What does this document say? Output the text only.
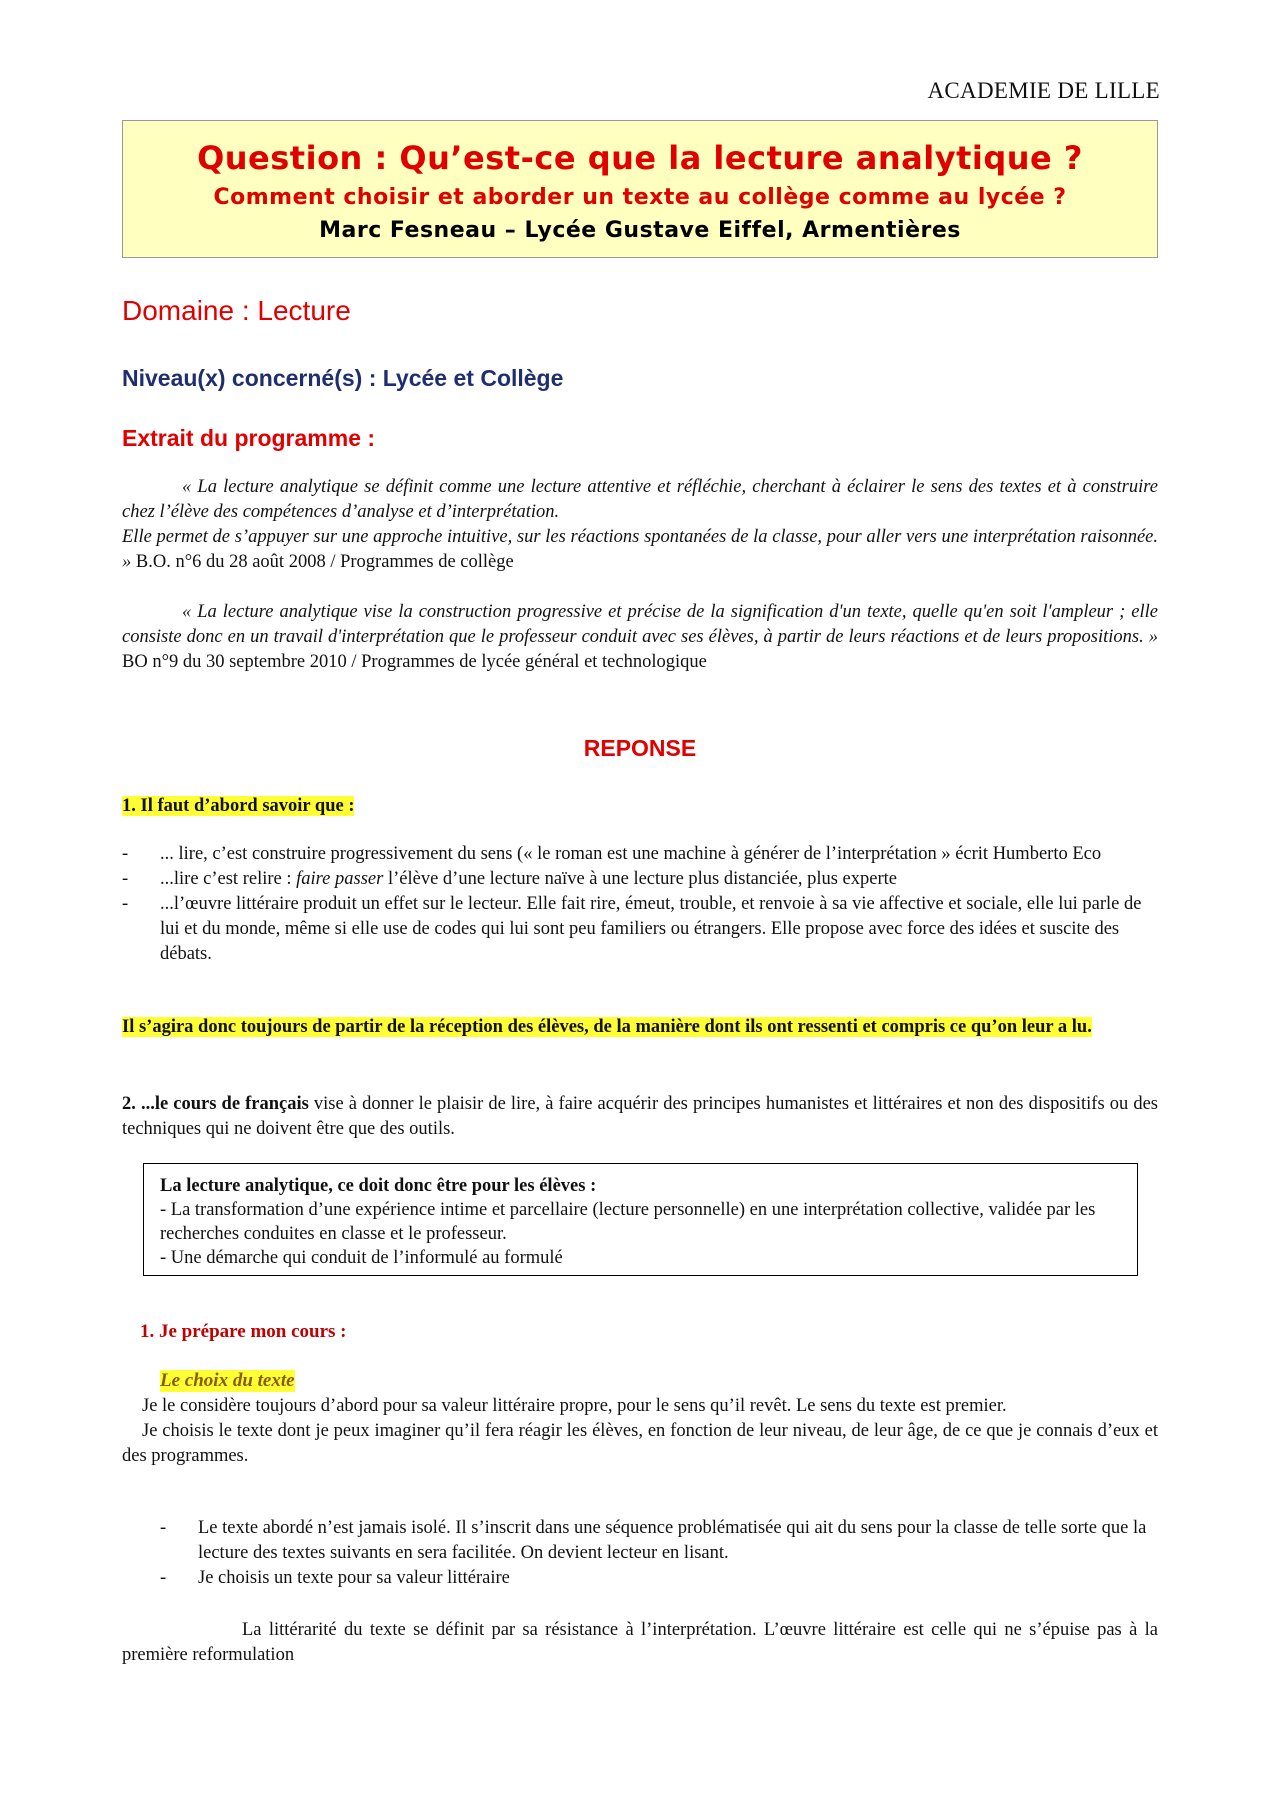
ACADEMIE DE LILLE
Question : Qu’est-ce que la lecture analytique ?
Comment choisir et aborder un texte au collège comme au lycée ?
Marc Fesneau – Lycée Gustave Eiffel, Armentières
Domaine : Lecture
Niveau(x) concerné(s) : Lycée et Collège
Extrait du programme :
« La lecture analytique se définit comme une lecture attentive et réfléchie, cherchant à éclairer le sens des textes et à construire chez l’élève des compétences d’analyse et d’interprétation.
Elle permet de s’appuyer sur une approche intuitive, sur les réactions spontanées de la classe, pour aller vers une interprétation raisonnée. » B.O. n°6 du 28 août 2008 / Programmes de collège
« La lecture analytique vise la construction progressive et précise de la signification d'un texte, quelle qu'en soit l'ampleur ; elle consiste donc en un travail d'interprétation que le professeur conduit avec ses élèves, à partir de leurs réactions et de leurs propositions. » BO n°9 du 30 septembre 2010 / Programmes de lycée général et technologique
REPONSE
1. Il faut d’abord savoir que :
- ... lire, c’est construire progressivement du sens (« le roman est une machine à générer de l’interprétation » écrit Humberto Eco
- ...lire c’est relire : faire passer l’élève d’une lecture naïve à une lecture plus distanciée, plus experte
- ...l’œuvre littéraire produit un effet sur le lecteur. Elle fait rire, émeut, trouble, et renvoie à sa vie affective et sociale, elle lui parle de lui et du monde, même si elle use de codes qui lui sont peu familiers ou étrangers. Elle propose avec force des idées et suscite des débats.
Il s’agira donc toujours de partir de la réception des élèves, de la manière dont ils ont ressenti et compris ce qu’on leur a lu.
2. ...le cours de français vise à donner le plaisir de lire, à faire acquérir des principes humanistes et littéraires et non des dispositifs ou des techniques qui ne doivent être que des outils.
La lecture analytique, ce doit donc être pour les élèves :
- La transformation d’une expérience intime et parcellaire (lecture personnelle) en une interprétation collective, validée par les recherches conduites en classe et le professeur.
- Une démarche qui conduit de l’informulé au formulé
1. Je prépare mon cours :
Le choix du texte
Je le considère toujours d’abord pour sa valeur littéraire propre, pour le sens qu’il revêt. Le sens du texte est premier.
Je choisis le texte dont je peux imaginer qu’il fera réagir les élèves, en fonction de leur niveau, de leur âge, de ce que je connais d’eux et des programmes.
- Le texte abordé n’est jamais isolé. Il s’inscrit dans une séquence problématisée qui ait du sens pour la classe de telle sorte que la lecture des textes suivants en sera facilitée. On devient lecteur en lisant.
- Je choisis un texte pour sa valeur littéraire
La littérarité du texte se définit par sa résistance à l’interprétation. L’œuvre littéraire est celle qui ne s’épuise pas à la première reformulation
